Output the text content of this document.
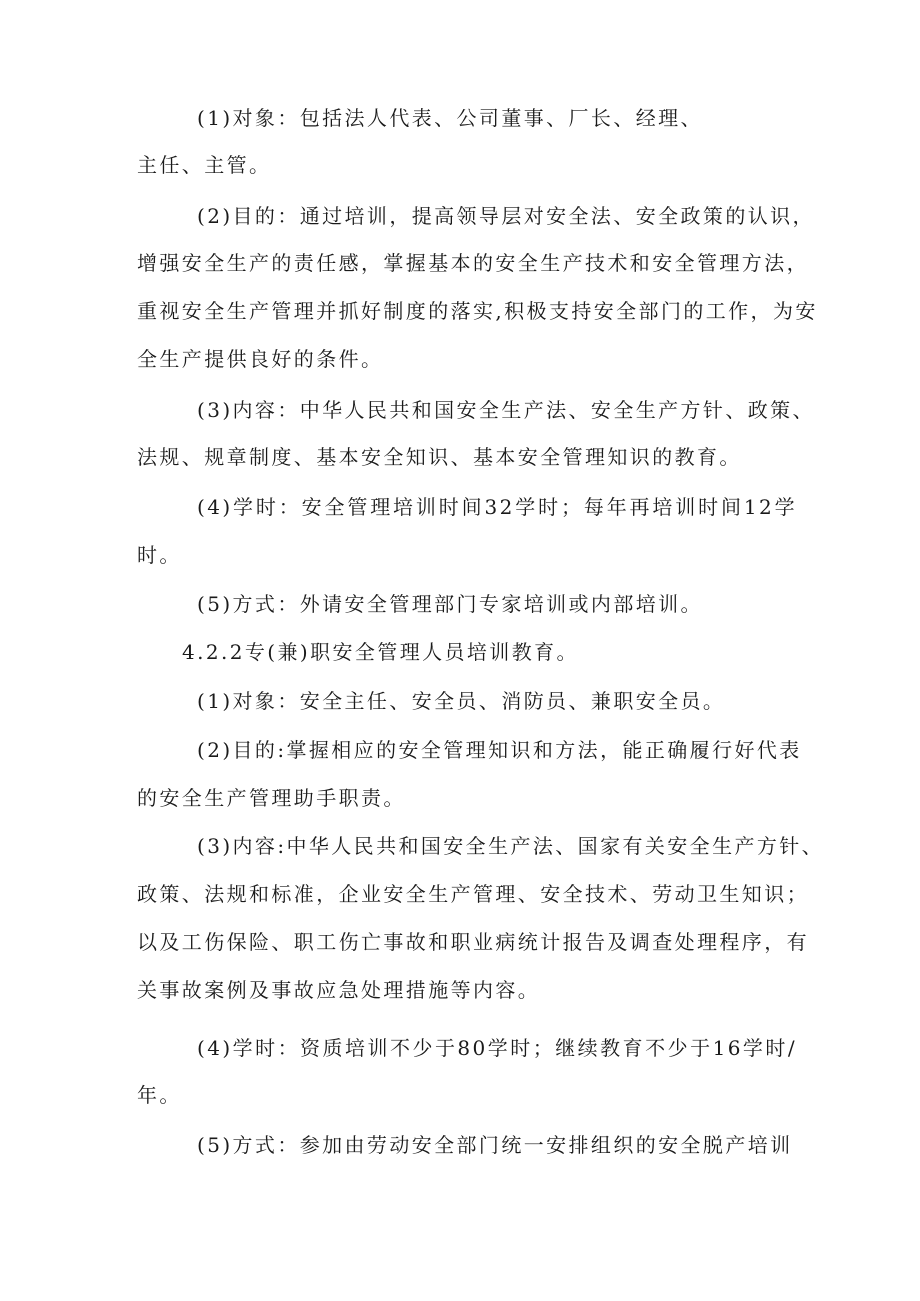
(1)对象：包括法人代表、公司董事、厂长、经理、
主任、主管。
(2)目的：通过培训，提高领导层对安全法、安全政策的认识，
增强安全生产的责任感，掌握基本的安全生产技术和安全管理方法，
重视安全生产管理并抓好制度的落实,积极支持安全部门的工作，为安
全生产提供良好的条件。
(3)内容：中华人民共和国安全生产法、安全生产方针、政策、
法规、规章制度、基本安全知识、基本安全管理知识的教育。
(4)学时：安全管理培训时间32学时；每年再培训时间12学
时。
(5)方式：外请安全管理部门专家培训或内部培训。
4.2.2专(兼)职安全管理人员培训教育。
(1)对象：安全主任、安全员、消防员、兼职安全员。
(2)目的:掌握相应的安全管理知识和方法，能正确履行好代表
的安全生产管理助手职责。
(3)内容:中华人民共和国安全生产法、国家有关安全生产方针、
政策、法规和标准，企业安全生产管理、安全技术、劳动卫生知识；
以及工伤保险、职工伤亡事故和职业病统计报告及调查处理程序，有
关事故案例及事故应急处理措施等内容。
(4)学时：资质培训不少于80学时；继续教育不少于16学时/
年。
(5)方式：参加由劳动安全部门统一安排组织的安全脱产培训
